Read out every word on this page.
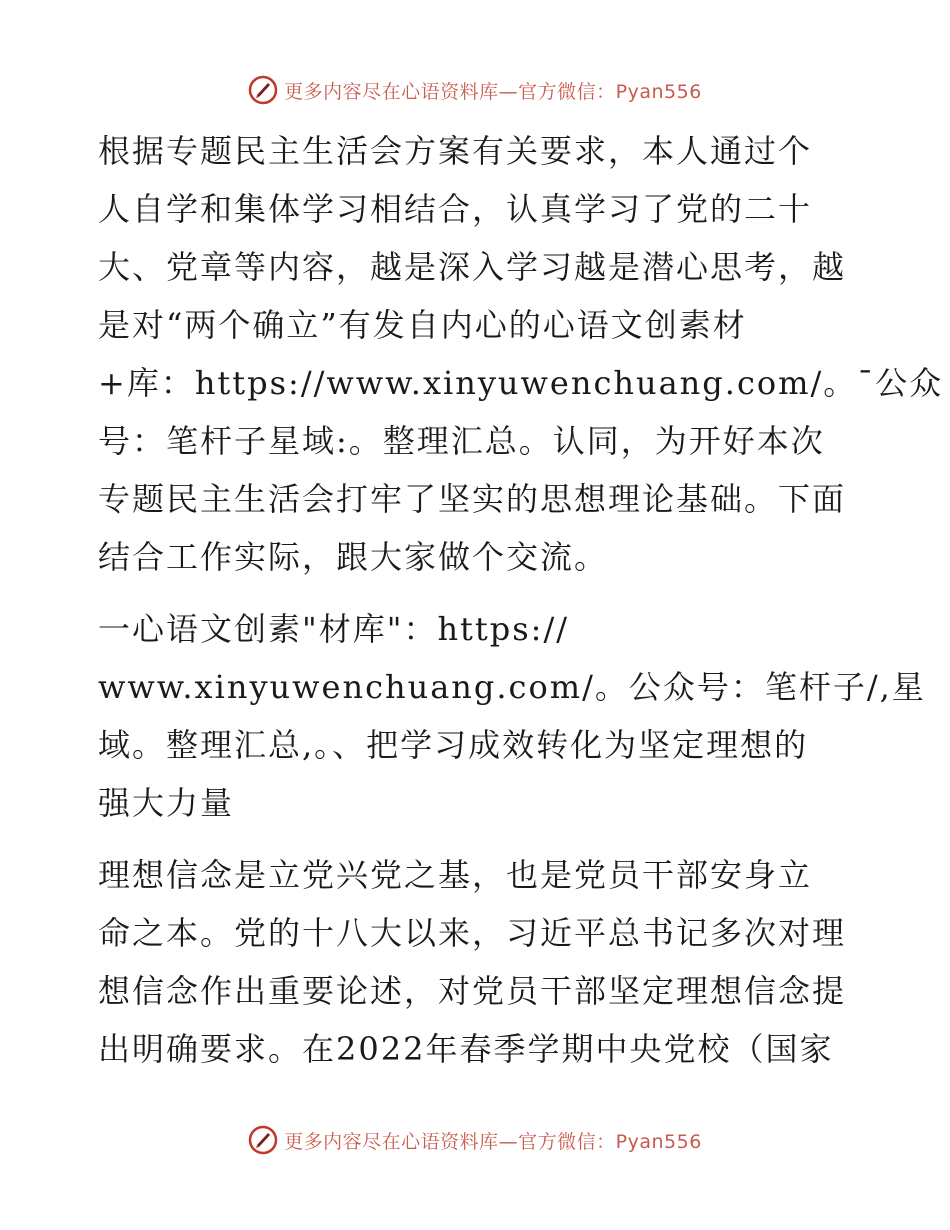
更多内容尽在心语资料库—官方微信：Pyan556
根据专题民主生活会方案有关要求，本人通过个
人自学和集体学习相结合，认真学习了党的二十
大、党章等内容，越是深入学习越是潜心思考，越
是对“两个确立”有发自内心的心语文创素材
+库：https://www.xinyuwenchuang.com/。¯公众
号：笔杆子星域:。整理汇总。认同，为开好本次
专题民主生活会打牢了坚实的思想理论基础。下面
结合工作实际，跟大家做个交流。
一心语文创素"材库"：https://
www.xinyuwenchuang.com/。公众号：笔杆子/,星
域。整理汇总,。、把学习成效转化为坚定理想的
强大力量
理想信念是立党兴党之基，也是党员干部安身立
命之本。党的十八大以来，习近平总书记多次对理
想信念作出重要论述，对党员干部坚定理想信念提
出明确要求。在2022年春季学期中央党校（国家
更多内容尽在心语资料库—官方微信：Pyan556
